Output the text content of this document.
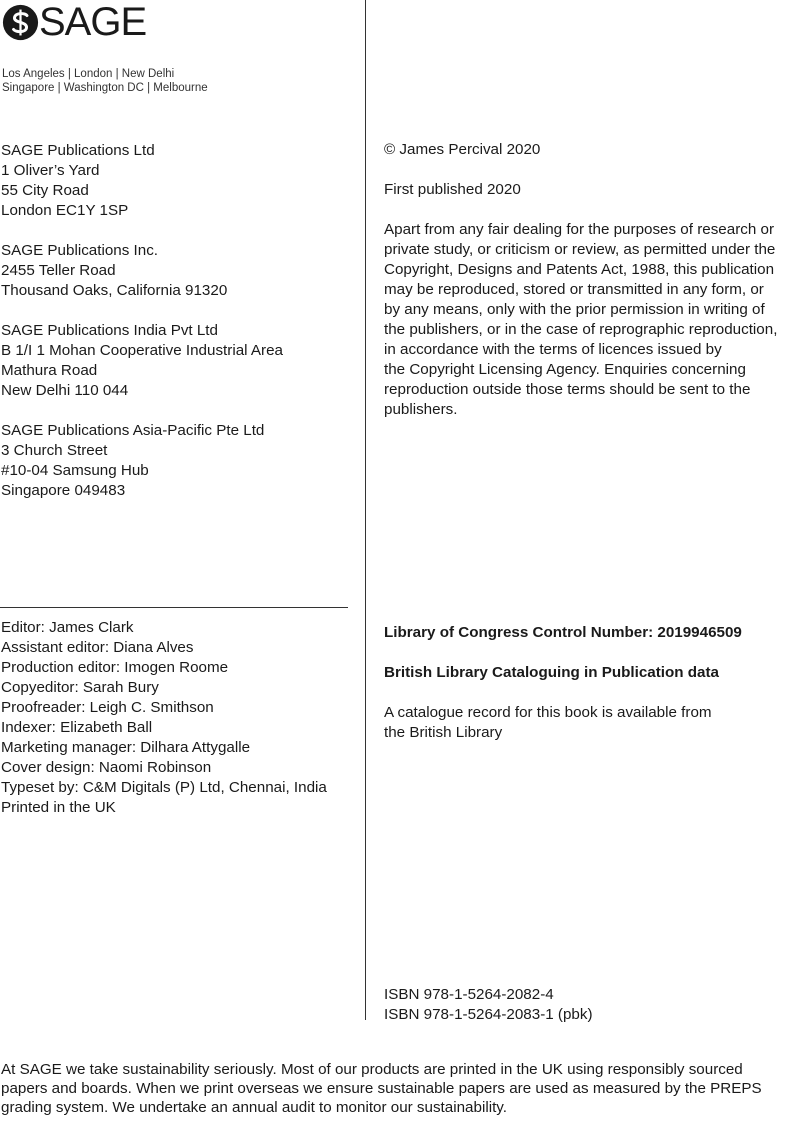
SAGE
Los Angeles | London | New Delhi
Singapore | Washington DC | Melbourne
SAGE Publications Ltd
1 Oliver’s Yard
55 City Road
London EC1Y 1SP
SAGE Publications Inc.
2455 Teller Road
Thousand Oaks, California 91320
SAGE Publications India Pvt Ltd
B 1/I 1 Mohan Cooperative Industrial Area
Mathura Road
New Delhi 110 044
SAGE Publications Asia-Pacific Pte Ltd
3 Church Street
#10-04 Samsung Hub
Singapore 049483

© James Percival 2020

First published 2020

Apart from any fair dealing for the purposes of research or
private study, or criticism or review, as permitted under the
Copyright, Designs and Patents Act, 1988, this publication
may be reproduced, stored or transmitted in any form, or
by any means, only with the prior permission in writing of
the publishers, or in the case of reprographic reproduction,
in accordance with the terms of licences issued by
the Copyright Licensing Agency. Enquiries concerning
reproduction outside those terms should be sent to the
publishers.
Editor: James Clark
Assistant editor: Diana Alves
Production editor: Imogen Roome
Copyeditor: Sarah Bury
Proofreader: Leigh C. Smithson
Indexer: Elizabeth Ball
Marketing manager: Dilhara Attygalle
Cover design: Naomi Robinson
Typeset by: C&M Digitals (P) Ltd, Chennai, India
Printed in the UK
Library of Congress Control Number: 2019946509
British Library Cataloguing in Publication data
A catalogue record for this book is available from
the British Library
ISBN 978-1-5264-2082-4
ISBN 978-1-5264-2083-1 (pbk)
At SAGE we take sustainability seriously. Most of our products are printed in the UK using responsibly sourced
papers and boards. When we print overseas we ensure sustainable papers are used as measured by the PREPS
grading system. We undertake an annual audit to monitor our sustainability.
